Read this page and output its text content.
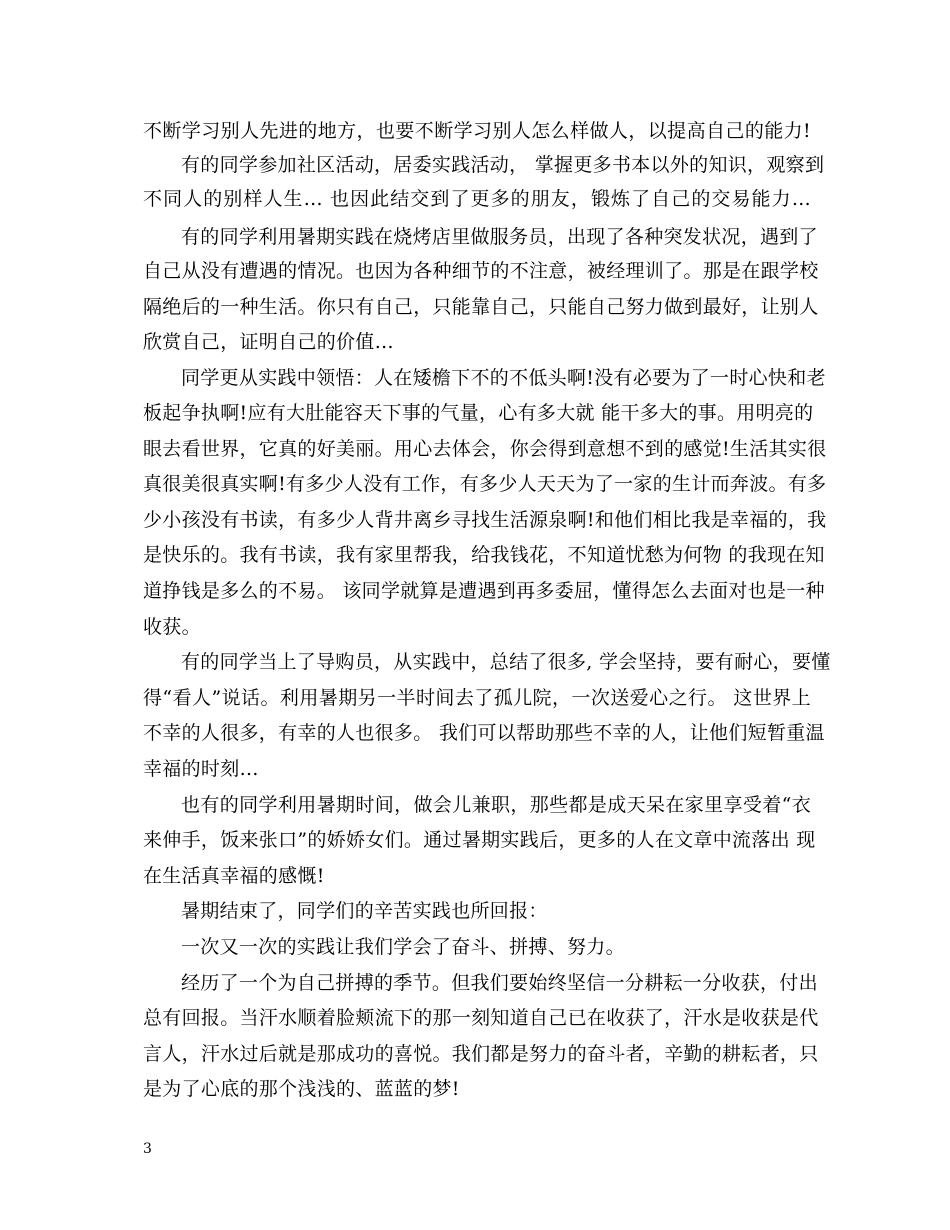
不断学习别人先进的地方，也要不断学习别人怎么样做人，以提高自己的能力!
有的同学参加社区活动，居委实践活动， 掌握更多书本以外的知识，观察到
不同人的别样人生… 也因此结交到了更多的朋友，锻炼了自己的交易能力…
有的同学利用暑期实践在烧烤店里做服务员，出现了各种突发状况，遇到了
自己从没有遭遇的情况。也因为各种细节的不注意，被经理训了。那是在跟学校
隔绝后的一种生活。你只有自己，只能靠自己，只能自己努力做到最好，让别人
欣赏自己，证明自己的价值…
同学更从实践中领悟：人在矮檐下不的不低头啊!没有必要为了一时心快和老
板起争执啊!应有大肚能容天下事的气量，心有多大就 能干多大的事。用明亮的
眼去看世界，它真的好美丽。用心去体会，你会得到意想不到的感觉!生活其实很
真很美很真实啊!有多少人没有工作，有多少人天天为了一家的生计而奔波。有多
少小孩没有书读，有多少人背井离乡寻找生活源泉啊!和他们相比我是幸福的，我
是快乐的。我有书读，我有家里帮我，给我钱花，不知道忧愁为何物 的我现在知
道挣钱是多么的不易。 该同学就算是遭遇到再多委屈，懂得怎么去面对也是一种
收获。
有的同学当上了导购员，从实践中，总结了很多, 学会坚持，要有耐心，要懂
得“看人”说话。利用暑期另一半时间去了孤儿院，一次送爱心之行。 这世界上
不幸的人很多，有幸的人也很多。 我们可以帮助那些不幸的人，让他们短暂重温
幸福的时刻…
也有的同学利用暑期时间，做会儿兼职，那些都是成天呆在家里享受着“衣
来伸手，饭来张口”的娇娇女们。通过暑期实践后，更多的人在文章中流落出 现
在生活真幸福的感慨!
暑期结束了，同学们的辛苦实践也所回报：
一次又一次的实践让我们学会了奋斗、拼搏、努力。
经历了一个为自己拼搏的季节。但我们要始终坚信一分耕耘一分收获，付出
总有回报。当汗水顺着脸颊流下的那一刻知道自己已在收获了，汗水是收获是代
言人，汗水过后就是那成功的喜悦。我们都是努力的奋斗者，辛勤的耕耘者，只
是为了心底的那个浅浅的、蓝蓝的梦!
3
